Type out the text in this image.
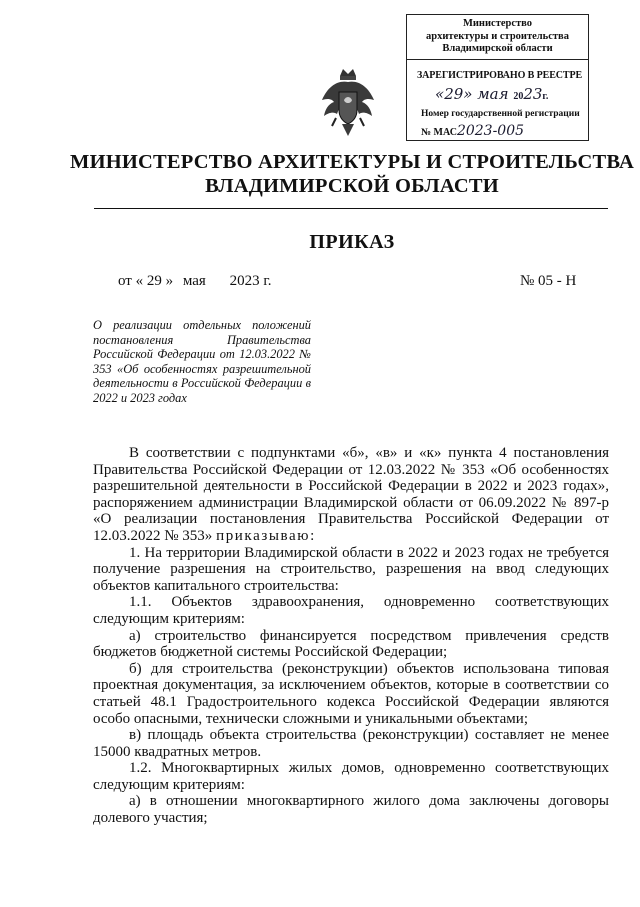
Министерство
архитектуры и строительства
Владимирской области
ЗАРЕГИСТРИРОВАНО В РЕЕСТРЕ
«29» мая 2023г.
Номер государственной регистрации
№ МАС2023-005
МИНИСТЕРСТВО АРХИТЕКТУРЫ И СТРОИТЕЛЬСТВА
ВЛАДИМИРСКОЙ ОБЛАСТИ
ПРИКАЗ
от « 29 » мая 2023 г.	№ 05 - Н
О реализации отдельных положений постановления Правительства Российской Федерации от 12.03.2022 № 353 «Об особенностях разрешительной деятельности в Российской Федерации в 2022 и 2023 годах

В соответствии с подпунктами «б», «в» и «к» пункта 4 постановления Правительства Российской Федерации от 12.03.2022 № 353 «Об особенностях разрешительной деятельности в Российской Федерации в 2022 и 2023 годах», распоряжением администрации Владимирской области от 06.09.2022 № 897-р «О реализации постановления Правительства Российской Федерации от 12.03.2022 № 353» приказываю:

1. На территории Владимирской области в 2022 и 2023 годах не требуется получение разрешения на строительство, разрешения на ввод следующих объектов капитального строительства:

1.1. Объектов здравоохранения, одновременно соответствующих следующим критериям:

а) строительство финансируется посредством привлечения средств бюджетов бюджетной системы Российской Федерации;

б) для строительства (реконструкции) объектов использована типовая проектная документация, за исключением объектов, которые в соответствии со статьей 48.1 Градостроительного кодекса Российской Федерации являются особо опасными, технически сложными и уникальными объектами;

в) площадь объекта строительства (реконструкции) составляет не менее 15000 квадратных метров.

1.2. Многоквартирных жилых домов, одновременно соответствующих следующим критериям:

а) в отношении многоквартирного жилого дома заключены договоры долевого участия;
